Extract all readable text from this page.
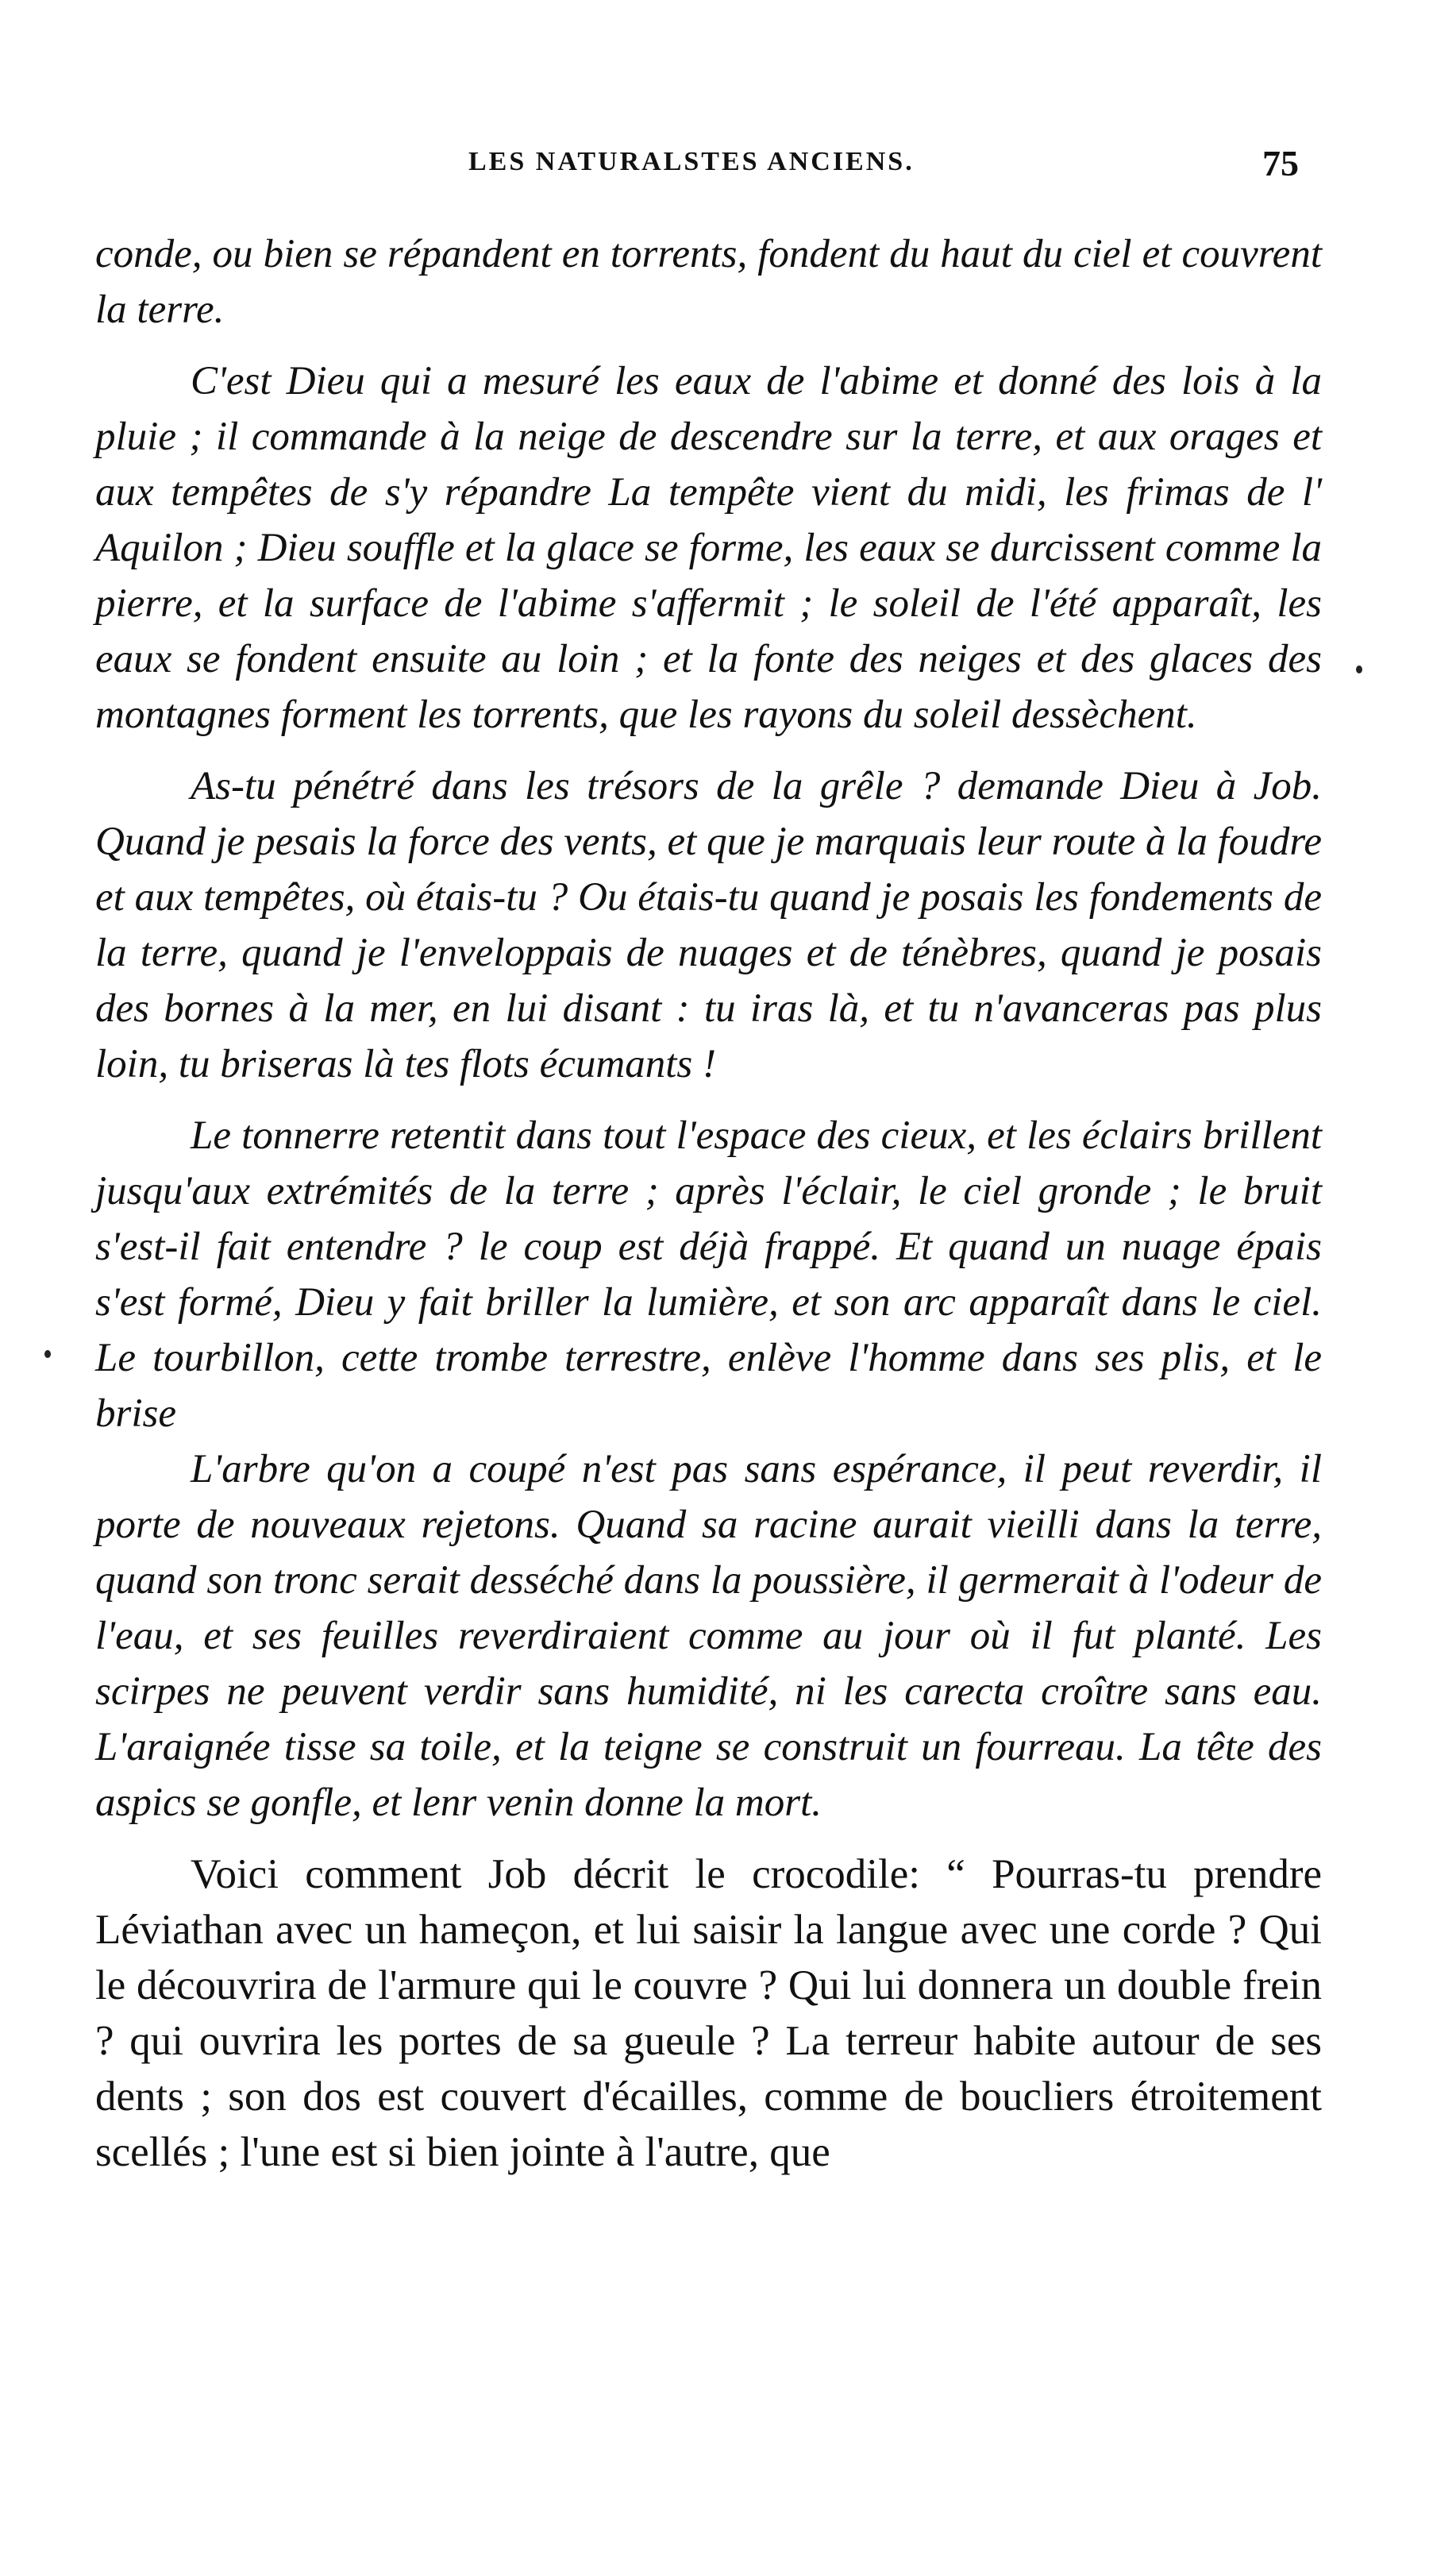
LES NATURALSTES ANCIENS.	75

conde, ou bien se répandent en torrents, fondent du haut du ciel et couvrent la terre.

C'est Dieu qui a mesuré les eaux de l'abime et donné des lois à la pluie ; il commande à la neige de descendre sur la terre, et aux orages et aux tempêtes de s'y répandre La tempête vient du midi, les frimas de l' Aquilon ; Dieu souffle et la glace se forme, les eaux se durcissent comme la pierre, et la surface de l'abime s'affermit ; le soleil de l'été apparaît, les eaux se fondent ensuite au loin ; et la fonte des neiges et des glaces des montagnes forment les torrents, que les rayons du soleil dessèchent.

As-tu pénétré dans les trésors de la grêle ? demande Dieu à Job. Quand je pesais la force des vents, et que je marquais leur route à la foudre et aux tempêtes, où étais-tu ? Ou étais-tu quand je posais les fondements de la terre, quand je l'enveloppais de nuages et de ténèbres, quand je posais des bornes à la mer, en lui disant : tu iras là, et tu n'avanceras pas plus loin, tu briseras là tes flots écumants !

Le tonnerre retentit dans tout l'espace des cieux, et les éclairs brillent jusqu'aux extrémités de la terre ; après l'éclair, le ciel gronde ; le bruit s'est-il fait entendre ? le coup est déjà frappé. Et quand un nuage épais s'est formé, Dieu y fait briller la lumière, et son arc apparaît dans le ciel. Le tourbillon, cette trombe terrestre, enlève l'homme dans ses plis, et le brise

L'arbre qu'on a coupé n'est pas sans espérance, il peut reverdir, il porte de nouveaux rejetons. Quand sa racine aurait vieilli dans la terre, quand son tronc serait desséché dans la poussière, il germerait à l'odeur de l'eau, et ses feuilles reverdiraient comme au jour où il fut planté. Les scirpes ne peuvent verdir sans humidité, ni les carecta croître sans eau. L'araignée tisse sa toile, et la teigne se construit un fourreau. La tête des aspics se gonfle, et lenr venin donne la mort.

Voici comment Job décrit le crocodile: “ Pourras-tu prendre Léviathan avec un hameçon, et lui saisir la langue avec une corde ? Qui le découvrira de l'armure qui le couvre ? Qui lui donnera un double frein ? qui ouvrira les portes de sa gueule ? La terreur habite autour de ses dents ; son dos est couvert d'écailles, comme de boucliers étroitement scellés ; l'une est si bien jointe à l'autre, que
